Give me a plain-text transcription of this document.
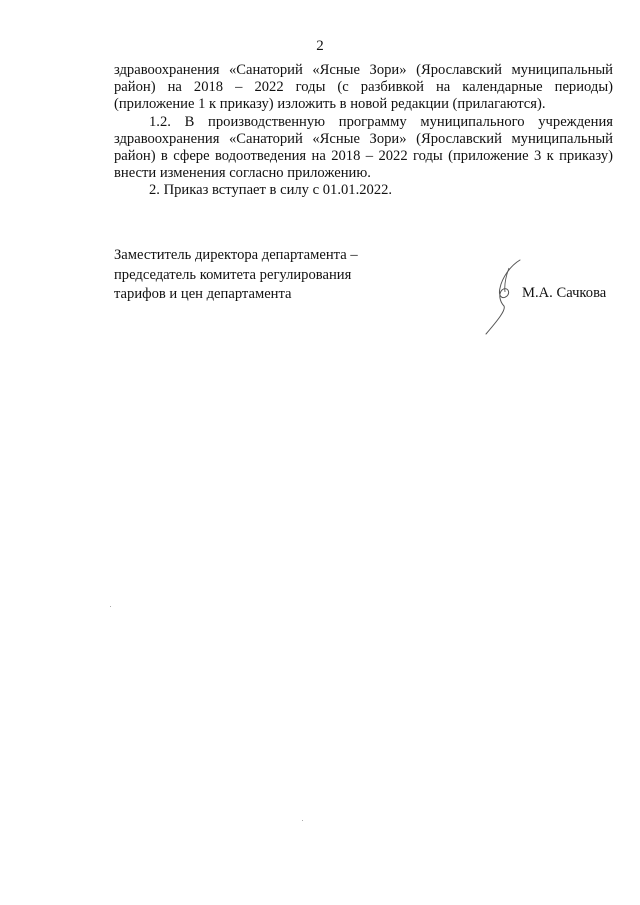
2

здравоохранения «Санаторий «Ясные Зори» (Ярославский муниципальный район) на 2018 – 2022 годы (с разбивкой на календарные периоды) (приложение 1 к приказу) изложить в новой редакции (прилагаются).

1.2. В производственную программу муниципального учреждения здравоохранения «Санаторий «Ясные Зори» (Ярославский муниципальный район) в сфере водоотведения на 2018 – 2022 годы (приложение 3 к приказу) внести изменения согласно приложению.

2. Приказ вступает в силу с 01.01.2022.

Заместитель директора департамента –
председатель комитета регулирования
тарифов и цен департамента	М.А. Сачкова
